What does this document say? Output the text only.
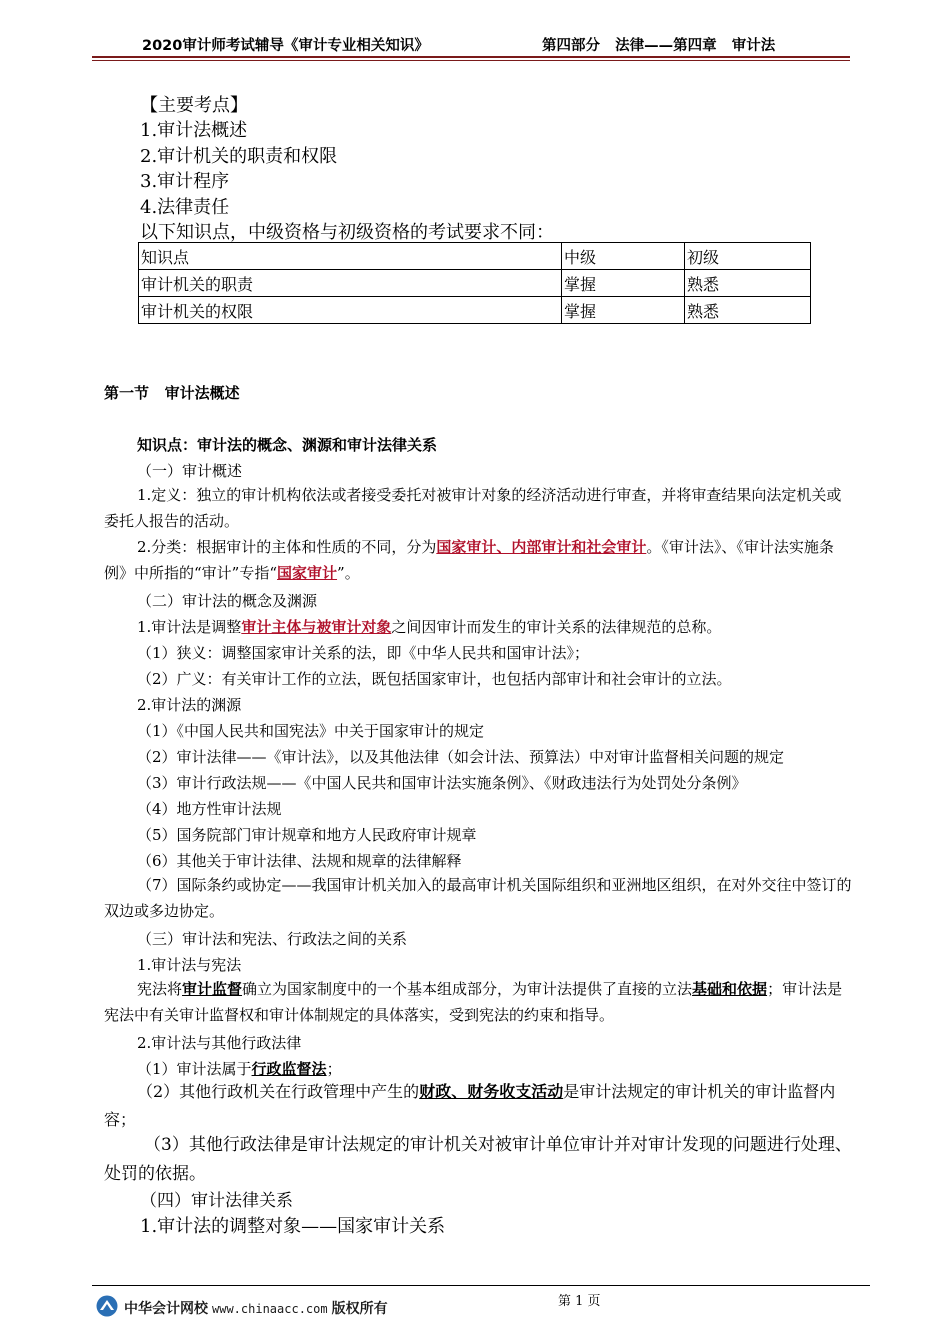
2020审计师考试辅导《审计专业相关知识》	第四部分   法律——第四章   审计法
【主要考点】
1.审计法概述
2.审计机关的职责和权限
3.审计程序
4.法律责任
以下知识点，中级资格与初级资格的考试要求不同：
知识点	中级	初级
审计机关的职责	掌握	熟悉
审计机关的权限	掌握	熟悉
第一节   审计法概述
知识点：审计法的概念、渊源和审计法律关系
（一）审计概述
1.定义：独立的审计机构依法或者接受委托对被审计对象的经济活动进行审查，并将审查结果向法定机关或委托人报告的活动。
2.分类：根据审计的主体和性质的不同，分为国家审计、内部审计和社会审计。《审计法》、《审计法实施条例》中所指的“审计”专指“国家审计”。
（二）审计法的概念及渊源
1.审计法是调整审计主体与被审计对象之间因审计而发生的审计关系的法律规范的总称。
（1）狭义：调整国家审计关系的法，即《中华人民共和国审计法》；
（2）广义：有关审计工作的立法，既包括国家审计，也包括内部审计和社会审计的立法。
2.审计法的渊源
（1）《中国人民共和国宪法》中关于国家审计的规定
（2）审计法律——《审计法》，以及其他法律（如会计法、预算法）中对审计监督相关问题的规定
（3）审计行政法规——《中国人民共和国审计法实施条例》、《财政违法行为处罚处分条例》
（4）地方性审计法规
（5）国务院部门审计规章和地方人民政府审计规章
（6）其他关于审计法律、法规和规章的法律解释
（7）国际条约或协定——我国审计机关加入的最高审计机关国际组织和亚洲地区组织，在对外交往中签订的双边或多边协定。
（三）审计法和宪法、行政法之间的关系
1.审计法与宪法
宪法将审计监督确立为国家制度中的一个基本组成部分，为审计法提供了直接的立法基础和依据；审计法是宪法中有关审计监督权和审计体制规定的具体落实，受到宪法的约束和指导。
2.审计法与其他行政法律
（1）审计法属于行政监督法；
（2）其他行政机关在行政管理中产生的财政、财务收支活动是审计法规定的审计机关的审计监督内容；
（3）其他行政法律是审计法规定的审计机关对被审计单位审计并对审计发现的问题进行处理、处罚的依据。
（四）审计法律关系
1.审计法的调整对象——国家审计关系
第 1 页
中华会计网校 www.chinaacc.com 版权所有
